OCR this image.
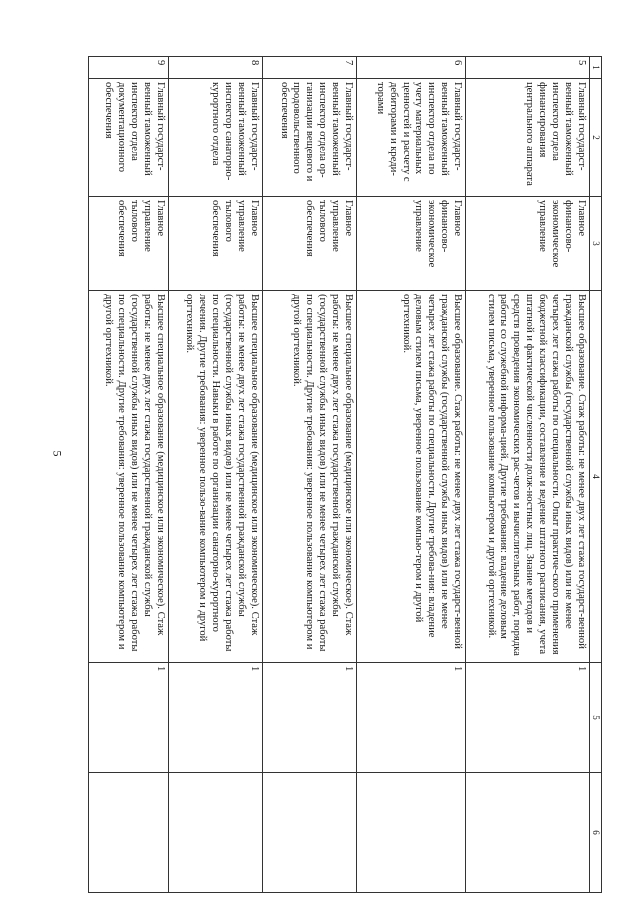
5
1	2	3	4	5	6
5	Главный государст-венный таможенный инспектор отдела финансирования центрального аппарата	Главное финансово-экономическое управление	Высшее образование. Стаж работы: не менее двух лет стажа государст-венной гражданской службы (государственной службы иных видов) или не менее четырех лет стажа работы по специальности. Опыт практиче-ского применения бюджетной классификации, составление и ведение штатного расписания, учета штатной и фактической численности долж-ностных лиц. Знание методов и средств проведения экономических рас-четов и вычислительных работ, порядка работы со служебной информа-цией. Другие требования: владение деловым стилем письма, уверенное пользование компьютером и другой оргтехникой.	1	
6	Главный государст-венный таможенный инспектор отдела по учету материальных ценностей и расчету с дебиторами и креди-торами	Главное финансово-экономическое управление	Высшее образование. Стаж работы: не менее двух лет стажа государст-венной гражданской службы (государственной службы иных видов) или не менее четырех лет стажа работы по специальности. Другие требова-ния: владение деловым стилем письма, уверенное пользование компью-тером и другой оргтехникой.	1	
7	Главный государст-венный таможенный инспектор отдела ор-ганизации вещевого и продовольственного обеспечения	Главное управление тылового обеспечения	Высшее специальное образование (медицинское или экономическое). Стаж работы: не менее двух лет стажа государственной гражданской службы (государственной службы иных видов) или не менее четырех лет стажа работы по специальности. Другие требования: уверенное пользование компьютером и другой оргтехникой.	1	
8	Главный государст-венный таможенный инспектор санаторно-курортного отдела	Главное управление тылового обеспечения	Высшее специальное образование (медицинское или экономическое). Стаж работы: не менее двух лет стажа государственной гражданской службы (государственной службы иных видов) или не менее четырех лет стажа работы по специальности. Навыки в работе по организации санаторно-курортного лечения. Другие требования: уверенное пользо-вание компьютером и другой оргтехникой.	1	
9	Главный государст-венный таможенный инспектор отдела документационного обеспечения	Главное управление тылового обеспечения	Высшее специальное образование (медицинское или экономическое). Стаж работы: не менее двух лет стажа государственной гражданской службы (государственной службы иных видов) или не менее четырех лет стажа работы по специальности. Другие требования: уверенное пользование компьютером и другой оргтехникой.	1	
